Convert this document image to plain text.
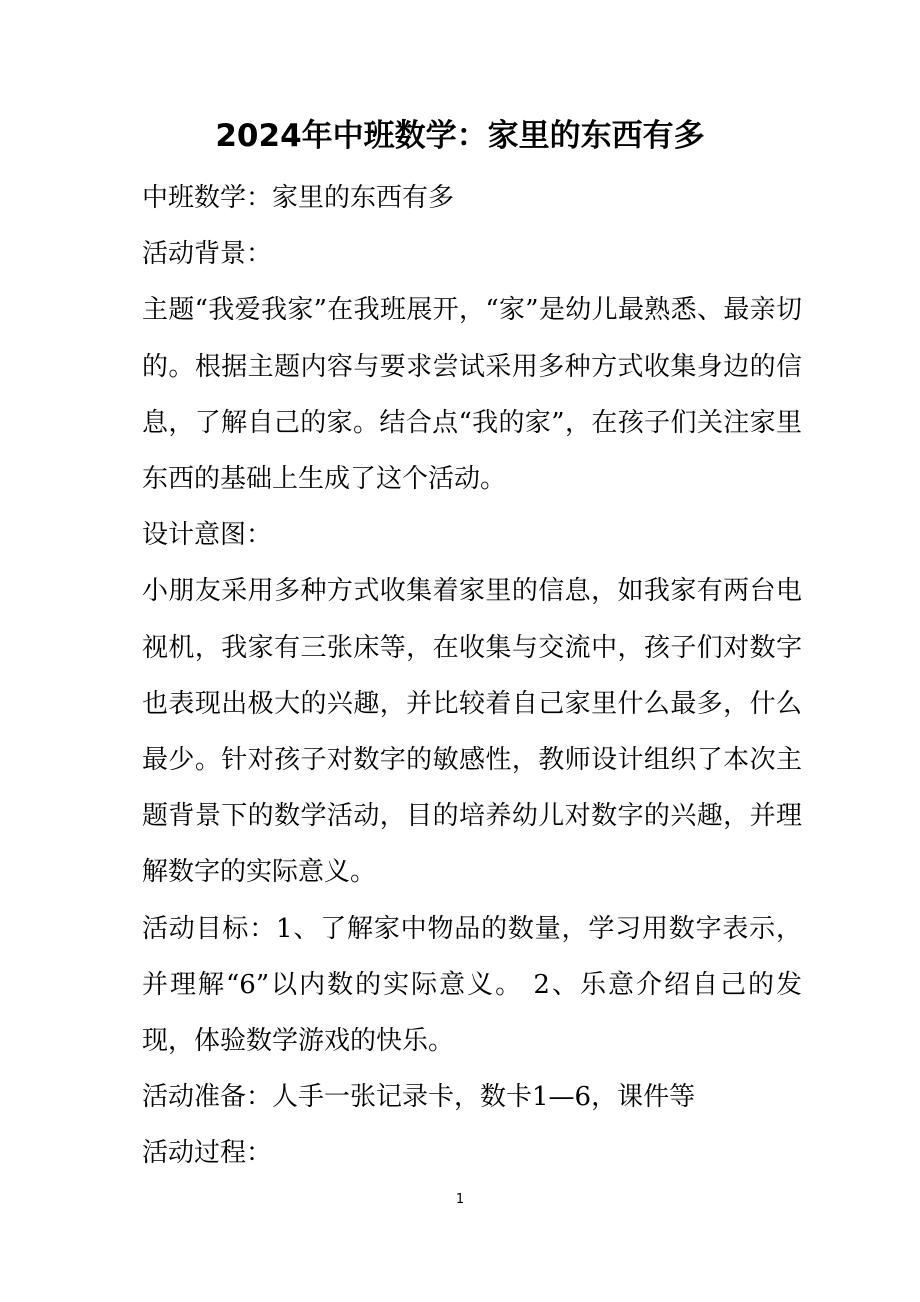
2024年中班数学：家里的东西有多

中班数学：家里的东西有多

活动背景：

主题“我爱我家”在我班展开，“家”是幼儿最熟悉、最亲切的。根据主题内容与要求尝试采用多种方式收集身边的信息，了解自己的家。结合点“我的家”，在孩子们关注家里东西的基础上生成了这个活动。

设计意图：

小朋友采用多种方式收集着家里的信息，如我家有两台电视机，我家有三张床等，在收集与交流中，孩子们对数字也表现出极大的兴趣，并比较着自己家里什么最多，什么最少。针对孩子对数字的敏感性，教师设计组织了本次主题背景下的数学活动，目的培养幼儿对数字的兴趣，并理解数字的实际意义。

活动目标：1、了解家中物品的数量，学习用数字表示，并理解“6”以内数的实际意义。 2、乐意介绍自己的发现，体验数学游戏的快乐。

活动准备：人手一张记录卡，数卡1—6，课件等

活动过程：

1
